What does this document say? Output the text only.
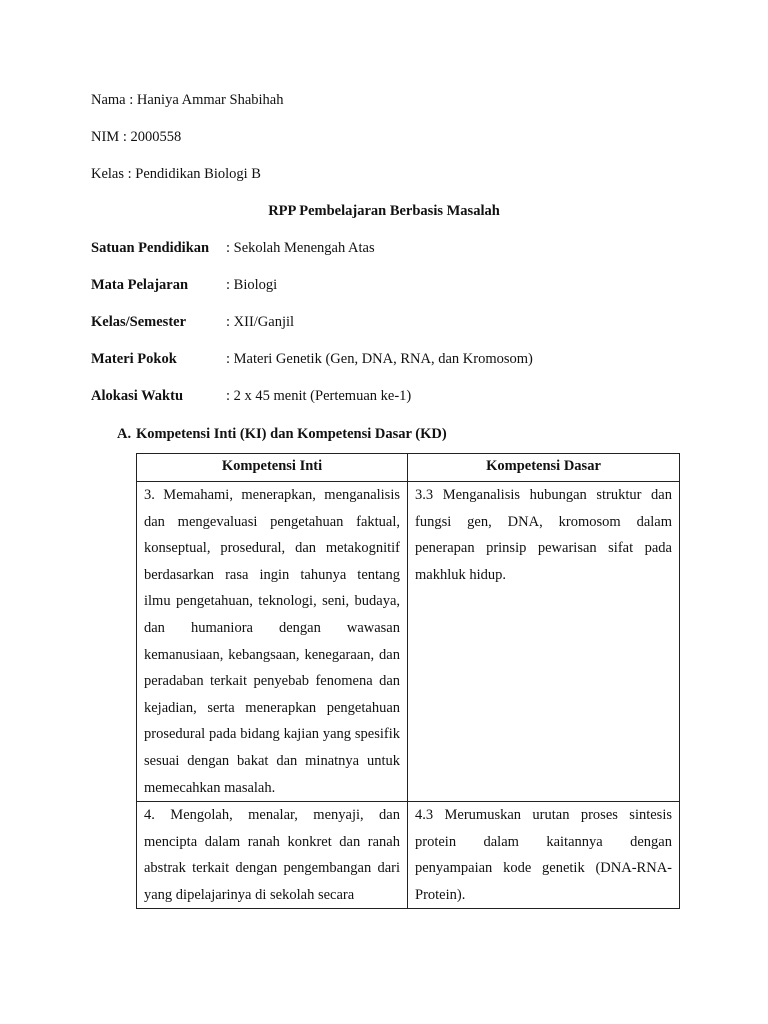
Nama : Haniya Ammar Shabihah
NIM : 2000558
Kelas : Pendidikan Biologi B
RPP Pembelajaran Berbasis Masalah
Satuan Pendidikan : Sekolah Menengah Atas
Mata Pelajaran	: Biologi
Kelas/Semester	: XII/Ganjil
Materi Pokok	: Materi Genetik (Gen, DNA, RNA, dan Kromosom)
Alokasi Waktu	: 2 x 45 menit (Pertemuan ke-1)
A. Kompetensi Inti (KI) dan Kompetensi Dasar (KD)
Kompetensi Inti	Kompetensi Dasar

3. Memahami, menerapkan, menganalisis dan mengevaluasi pengetahuan faktual, konseptual, prosedural, dan metakognitif berdasarkan rasa ingin tahunya tentang ilmu pengetahuan, teknologi, seni, budaya, dan humaniora dengan wawasan kemanusiaan, kebangsaan, kenegaraan, dan peradaban terkait penyebab fenomena dan kejadian, serta menerapkan pengetahuan prosedural pada bidang kajian yang spesifik sesuai dengan bakat dan minatnya untuk memecahkan masalah.	3.3 Menganalisis hubungan struktur dan fungsi gen, DNA, kromosom dalam penerapan prinsip pewarisan sifat pada makhluk hidup.

4. Mengolah, menalar, menyaji, dan mencipta dalam ranah konkret dan ranah abstrak terkait dengan pengembangan dari yang dipelajarinya di sekolah secara	4.3 Merumuskan urutan proses sintesis protein dalam kaitannya dengan penyampaian kode genetik (DNA-RNA-Protein).
